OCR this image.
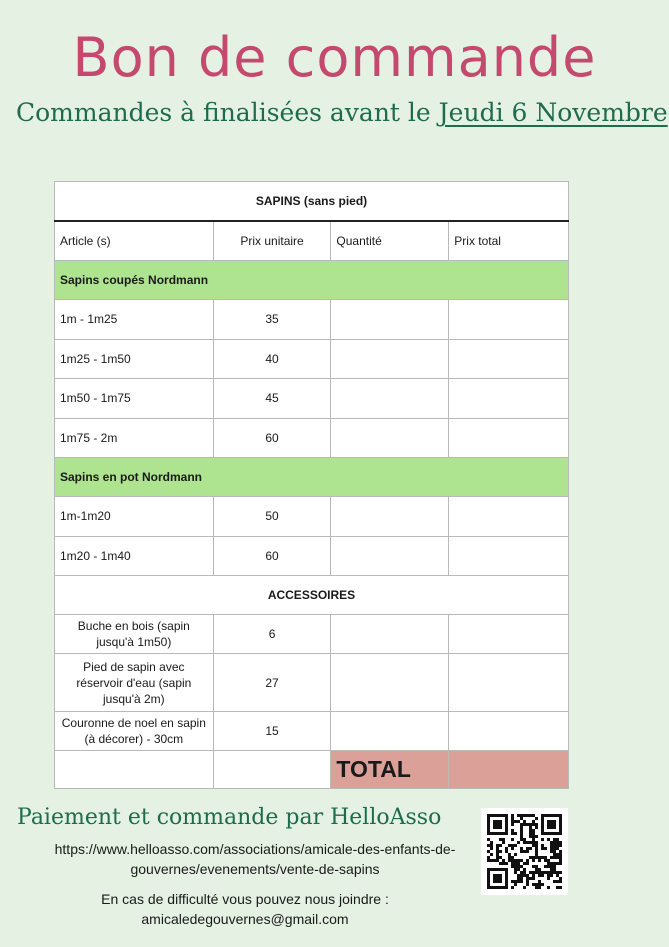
Bon de commande
Commandes à finalisées avant le Jeudi 6 Novembre
SAPINS (sans pied)			
Article (s)	Prix unitaire	Quantité	Prix total
Sapins coupés Nordmann			
1m - 1m25	35		
1m25 - 1m50	40		
1m50 - 1m75	45		
1m75 - 2m	60		
Sapins en pot Nordmann			
1m-1m20	50		
1m20 - 1m40	60		
ACCESSOIRES			
Buche en bois (sapin jusqu'à 1m50)	6		
Pied de sapin avec réservoir d'eau (sapin jusqu'à 2m)	27		
Couronne de noel en sapin (à décorer) - 30cm	15		
		TOTAL	
Paiement et commande par HelloAsso
https://www.helloasso.com/associations/amicale-des-enfants-de-gouvernes/evenements/vente-de-sapins
En cas de difficulté vous pouvez nous joindre :
amicaledegouvernes@gmail.com
